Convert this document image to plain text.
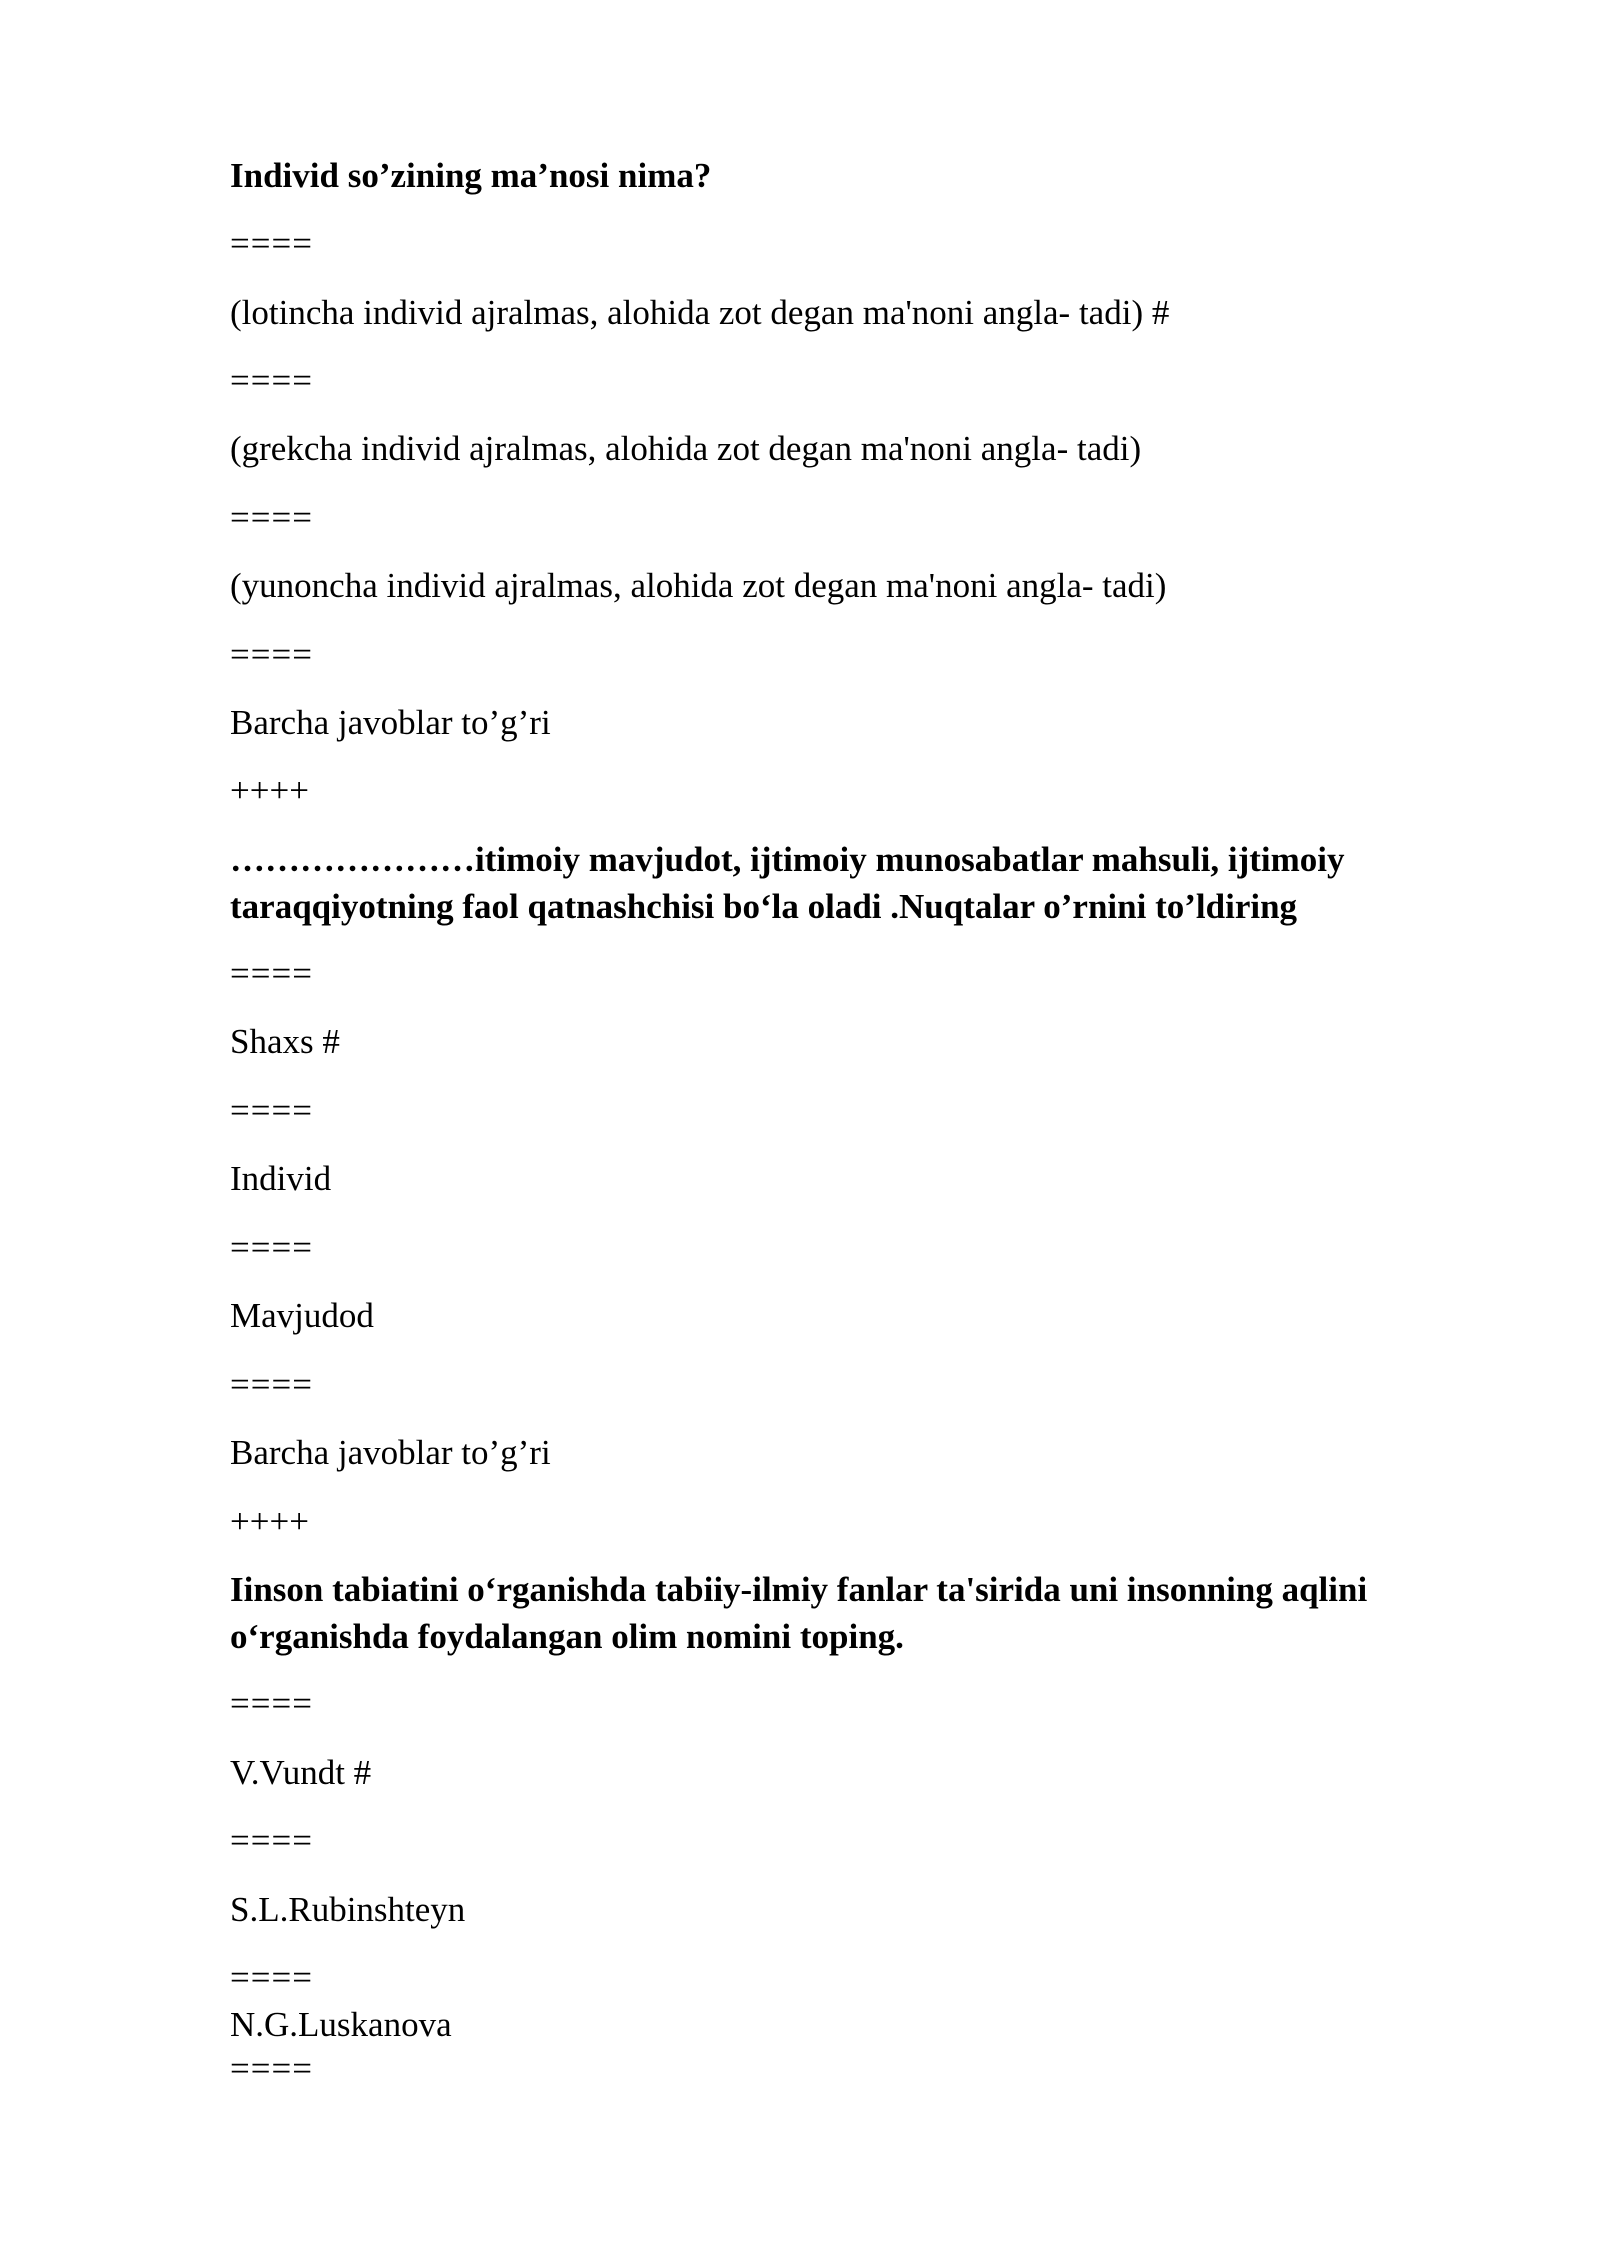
Individ so’zining ma’nosi nima?

====

(lotincha individ ajralmas, alohida zot degan ma'noni angla- tadi) #

====

(grekcha individ ajralmas, alohida zot degan ma'noni angla- tadi)

====

(yunoncha individ ajralmas, alohida zot degan ma'noni angla- tadi)

====

Barcha javoblar to’g’ri

++++

…………………itimoiy mavjudot, ijtimoiy munosabatlar mahsuli, ijtimoiy

taraqqiyotning faol qatnashchisi bo‘la oladi .Nuqtalar o’rnini to’ldiring

====

Shaxs #

====

Individ

====

Mavjudod

====

Barcha javoblar to’g’ri

++++

Iinson tabiatini o‘rganishda tabiiy-ilmiy fanlar ta'sirida uni insonning aqlini

o‘rganishda foydalangan olim nomini toping.

====

V.Vundt #

====

S.L.Rubinshteyn

====

N.G.Luskanova

====
